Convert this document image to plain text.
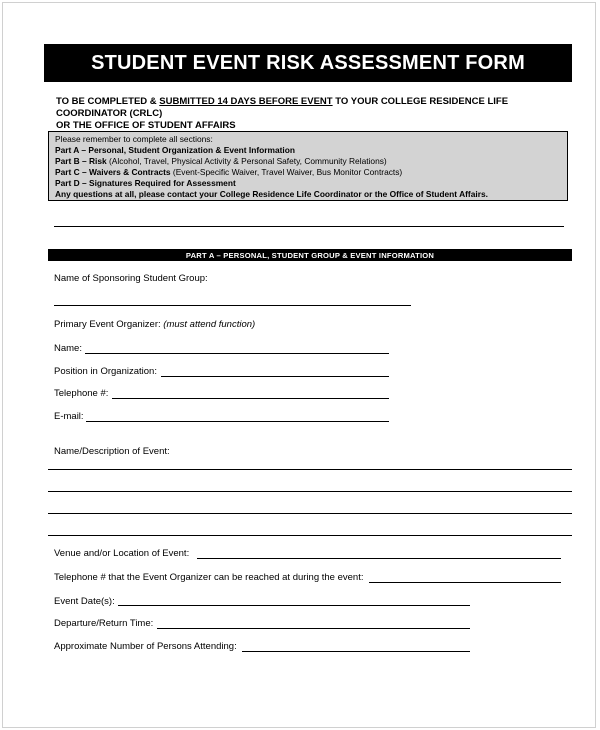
STUDENT EVENT RISK ASSESSMENT FORM
TO BE COMPLETED & SUBMITTED 14 DAYS BEFORE EVENT TO YOUR COLLEGE RESIDENCE LIFE COORDINATOR (CRLC)
OR THE OFFICE OF STUDENT AFFAIRS
Please remember to complete all sections:
Part A – Personal, Student Organization & Event Information
Part B – Risk (Alcohol, Travel, Physical Activity & Personal Safety, Community Relations)
Part C – Waivers & Contracts (Event-Specific Waiver, Travel Waiver, Bus Monitor Contracts)
Part D – Signatures Required for Assessment
Any questions at all, please contact your College Residence Life Coordinator or the Office of Student Affairs.
PART A – PERSONAL, STUDENT GROUP & EVENT INFORMATION
Name of Sponsoring Student Group:
Primary Event Organizer: (must attend function)
Name:
Position in Organization:
Telephone #:
E-mail:
Name/Description of Event:
Venue and/or Location of Event:
Telephone # that the Event Organizer can be reached at during the event:
Event Date(s):
Departure/Return Time:
Approximate Number of Persons Attending:
